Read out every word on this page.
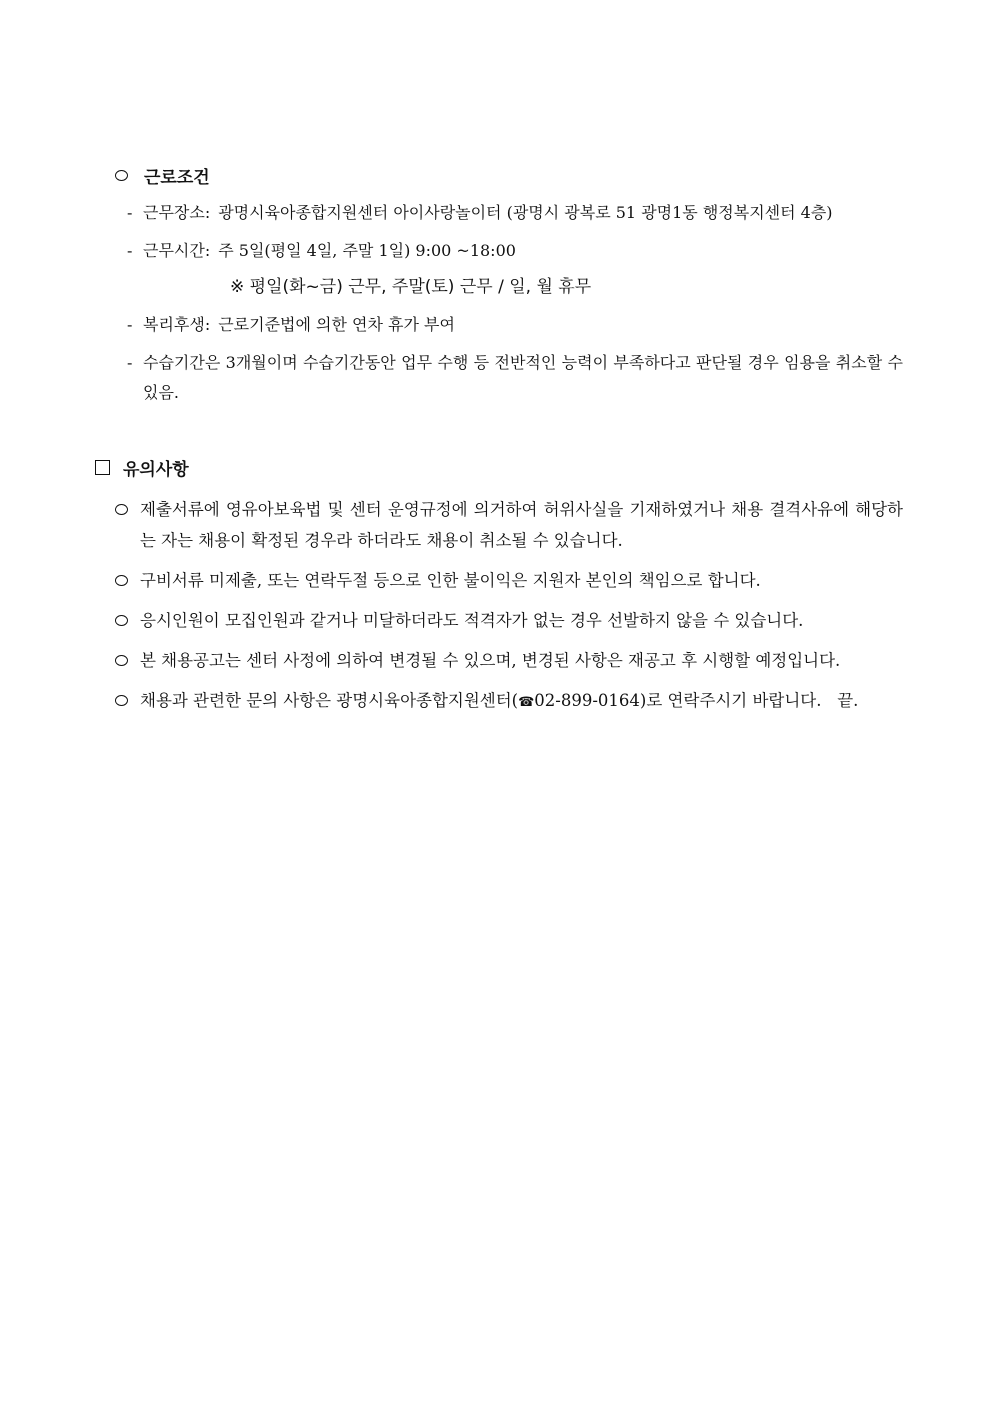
근로조건
- 근무장소: 광명시육아종합지원센터 아이사랑놀이터 (광명시 광복로 51 광명1동 행정복지센터 4층)
- 근무시간: 주 5일(평일 4일, 주말 1일) 9:00 ~18:00
※ 평일(화~금) 근무, 주말(토) 근무 / 일, 월 휴무
- 복리후생: 근로기준법에 의한 연차 휴가 부여
- 수습기간은 3개월이며 수습기간동안 업무 수행 등 전반적인 능력이 부족하다고 판단될 경우 임용을 취소할 수 있음.
유의사항
제출서류에 영유아보육법 및 센터 운영규정에 의거하여 허위사실을 기재하였거나 채용 결격사유에 해당하는 자는 채용이 확정된 경우라 하더라도 채용이 취소될 수 있습니다.
구비서류 미제출, 또는 연락두절 등으로 인한 불이익은 지원자 본인의 책임으로 합니다.
응시인원이 모집인원과 같거나 미달하더라도 적격자가 없는 경우 선발하지 않을 수 있습니다.
본 채용공고는 센터 사정에 의하여 변경될 수 있으며, 변경된 사항은 재공고 후 시행할 예정입니다.
채용과 관련한 문의 사항은 광명시육아종합지원센터(☎02-899-0164)로 연락주시기 바랍니다. 끝.
